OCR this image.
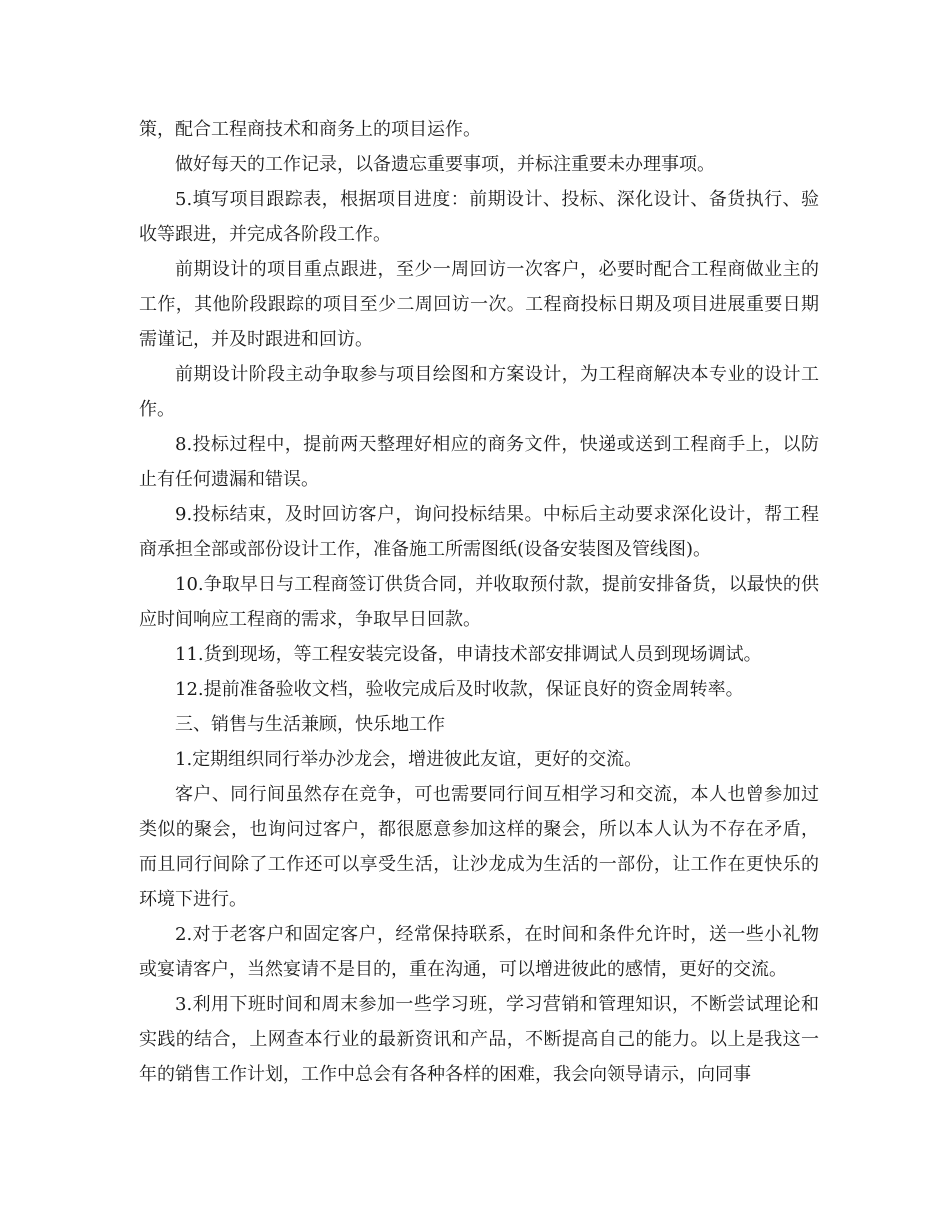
策，配合工程商技术和商务上的项目运作。

做好每天的工作记录，以备遗忘重要事项，并标注重要未办理事项。

5.填写项目跟踪表，根据项目进度：前期设计、投标、深化设计、备货执行、验收等跟进，并完成各阶段工作。

前期设计的项目重点跟进，至少一周回访一次客户，必要时配合工程商做业主的工作，其他阶段跟踪的项目至少二周回访一次。工程商投标日期及项目进展重要日期需谨记，并及时跟进和回访。

前期设计阶段主动争取参与项目绘图和方案设计，为工程商解决本专业的设计工作。

8.投标过程中，提前两天整理好相应的商务文件，快递或送到工程商手上，以防止有任何遗漏和错误。

9.投标结束，及时回访客户，询问投标结果。中标后主动要求深化设计，帮工程商承担全部或部份设计工作，准备施工所需图纸(设备安装图及管线图)。

10.争取早日与工程商签订供货合同，并收取预付款，提前安排备货，以最快的供应时间响应工程商的需求，争取早日回款。

11.货到现场，等工程安装完设备，申请技术部安排调试人员到现场调试。

12.提前准备验收文档，验收完成后及时收款，保证良好的资金周转率。

三、销售与生活兼顾，快乐地工作

1.定期组织同行举办沙龙会，增进彼此友谊，更好的交流。

客户、同行间虽然存在竞争，可也需要同行间互相学习和交流，本人也曾参加过类似的聚会，也询问过客户，都很愿意参加这样的聚会，所以本人认为不存在矛盾，而且同行间除了工作还可以享受生活，让沙龙成为生活的一部份，让工作在更快乐的环境下进行。

2.对于老客户和固定客户，经常保持联系，在时间和条件允许时，送一些小礼物或宴请客户，当然宴请不是目的，重在沟通，可以增进彼此的感情，更好的交流。

3.利用下班时间和周末参加一些学习班，学习营销和管理知识，不断尝试理论和实践的结合，上网查本行业的最新资讯和产品，不断提高自己的能力。以上是我这一年的销售工作计划，工作中总会有各种各样的困难，我会向领导请示，向同事
